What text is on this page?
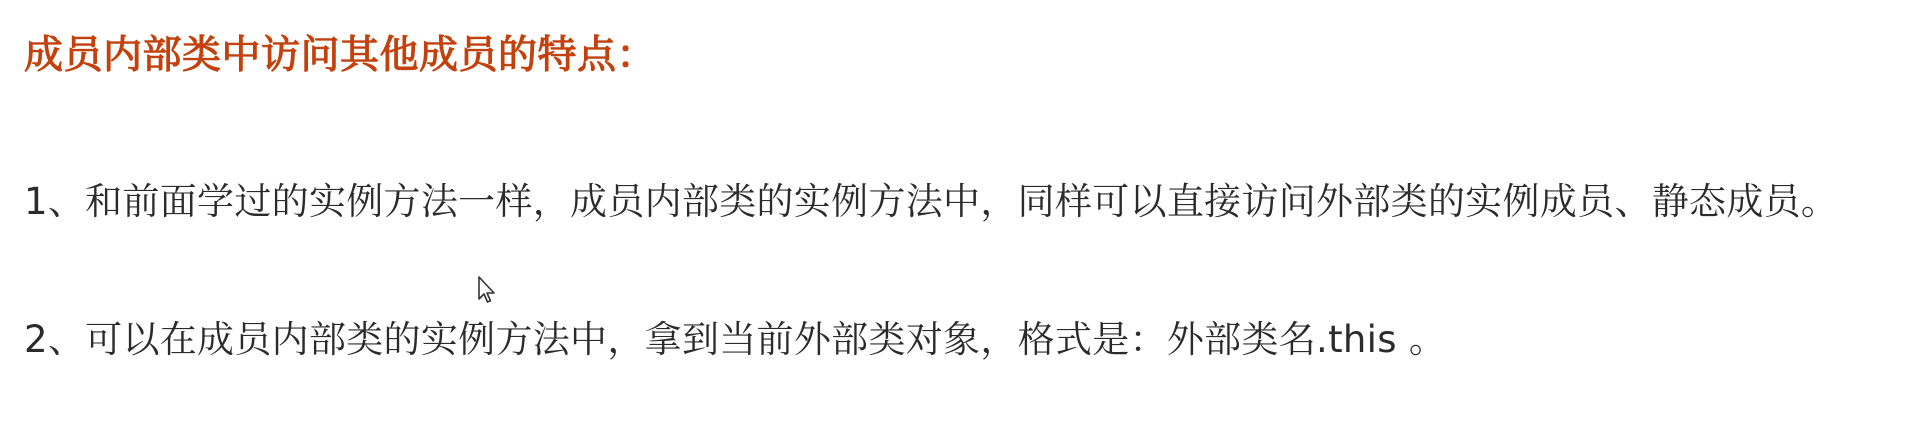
成员内部类中访问其他成员的特点：

1、和前面学过的实例方法一样，成员内部类的实例方法中，同样可以直接访问外部类的实例成员、静态成员。

2、可以在成员内部类的实例方法中，拿到当前外部类对象，格式是：外部类名.this 。
